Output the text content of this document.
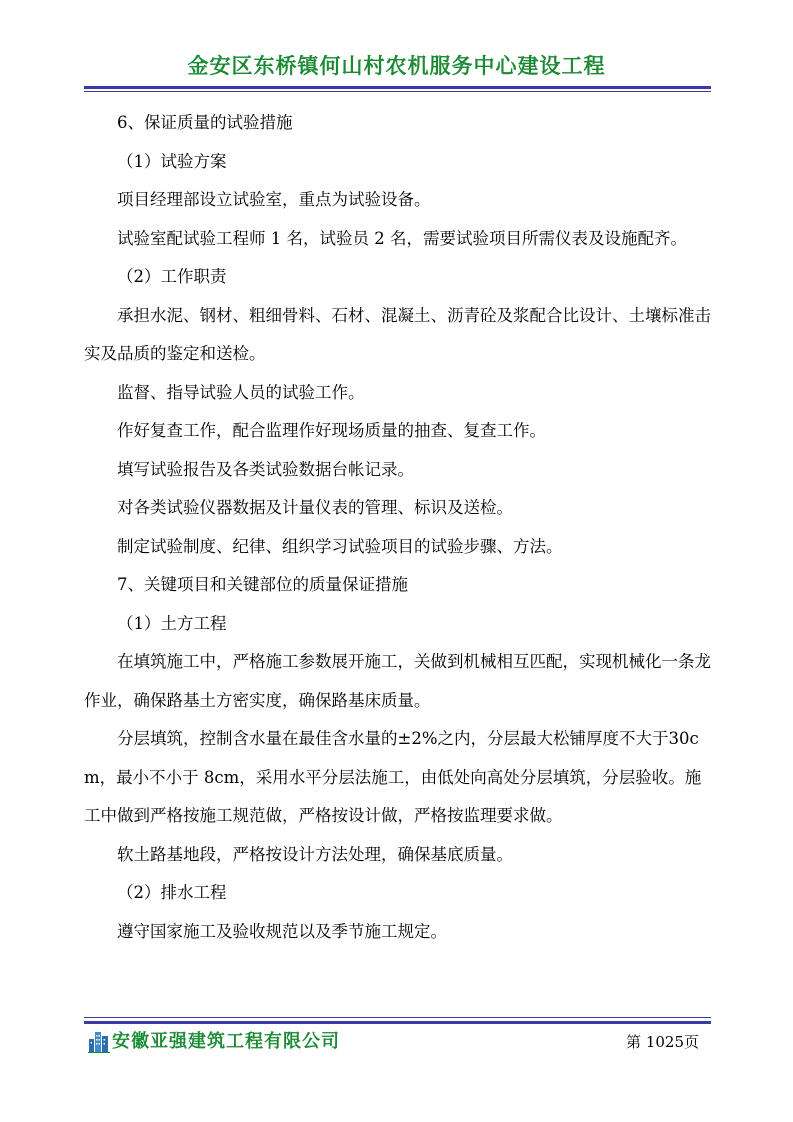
金安区东桥镇何山村农机服务中心建设工程

6、保证质量的试验措施

（1）试验方案

项目经理部设立试验室，重点为试验设备。

试验室配试验工程师 1 名，试验员 2 名，需要试验项目所需仪表及设施配齐。

（2）工作职责

承担水泥、钢材、粗细骨料、石材、混凝土、沥青砼及浆配合比设计、土壤标准击实及品质的鉴定和送检。

监督、指导试验人员的试验工作。

作好复查工作，配合监理作好现场质量的抽查、复查工作。

填写试验报告及各类试验数据台帐记录。

对各类试验仪器数据及计量仪表的管理、标识及送检。

制定试验制度、纪律、组织学习试验项目的试验步骤、方法。

7、关键项目和关键部位的质量保证措施

（1）土方工程

在填筑施工中，严格施工参数展开施工，关做到机械相互匹配，实现机械化一条龙作业，确保路基土方密实度，确保路基床质量。

分层填筑，控制含水量在最佳含水量的±2%之内，分层最大松铺厚度不大于30cm，最小不小于 8cm，采用水平分层法施工，由低处向高处分层填筑，分层验收。施工中做到严格按施工规范做，严格按设计做，严格按监理要求做。

软土路基地段，严格按设计方法处理，确保基底质量。

（2）排水工程

遵守国家施工及验收规范以及季节施工规定。

安徽亚强建筑工程有限公司	第 1025页
